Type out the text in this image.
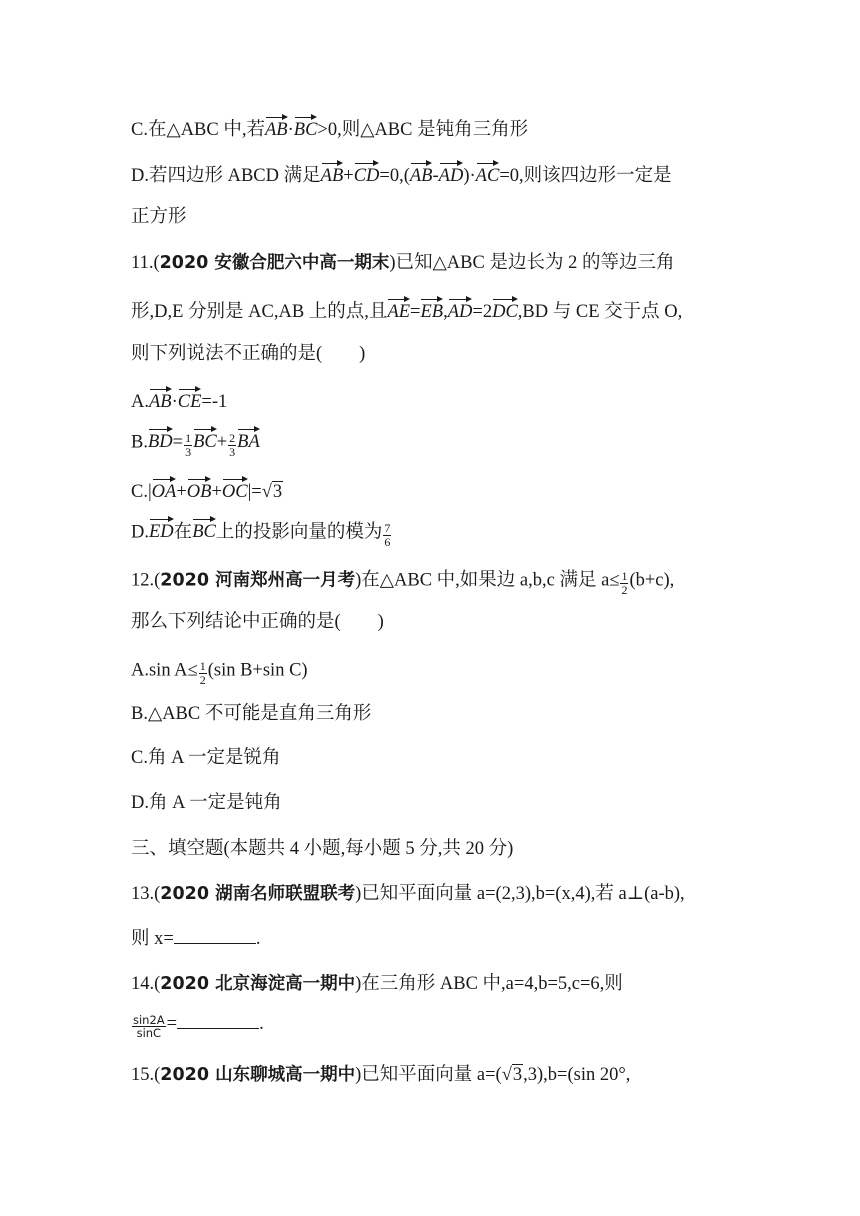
C.在△ABC 中,若AB·BC>0,则△ABC 是钝角三角形
D.若四边形 ABCD 满足AB+CD=0,(AB-AD)·AC=0,则该四边形一定是
正方形
11.(2020 安徽合肥六中高一期末)已知△ABC 是边长为 2 的等边三角
形,D,E 分别是 AC,AB 上的点,且AE=EB,AD=2DC,BD 与 CE 交于点 O,
则下列说法不正确的是(　　)
A.AB·CE=-1
$B.BD= \frac{1}{3} BC+ \frac{2}{3}$ BA
C.|OA+OB+OC|=√3
D.ED在BC上的投影向量的模为 $\frac{7}{6}$
12.(2020 河南郑州高一月考)在△ABC 中,如果边 a,b,c 满足 $a\le \frac{1}{2} (b+c)$,
那么下列结论中正确的是(　　)
A.sin $A\le \frac{1}{2} (\sin$ B+sin C)
B.△ABC 不可能是直角三角形
C.角 A 一定是锐角
D.角 A 一定是钝角
三、填空题(本题共 4 小题,每小题 5 分,共 20 分)
13.(2020 湖南名师联盟联考)已知平面向量 a=(2,3),b=(x,4),若 a⊥(a-b),
则 x=	.
14.(2020 北京海淀高一期中)在三角形 ABC 中,a=4,b=5,c=6,则
$\frac{\sin 2A}{\sin C}$ =	.
15.(2020 山东聊城高一期中)已知平面向量 a=(√3,3),b=(sin 20°,
